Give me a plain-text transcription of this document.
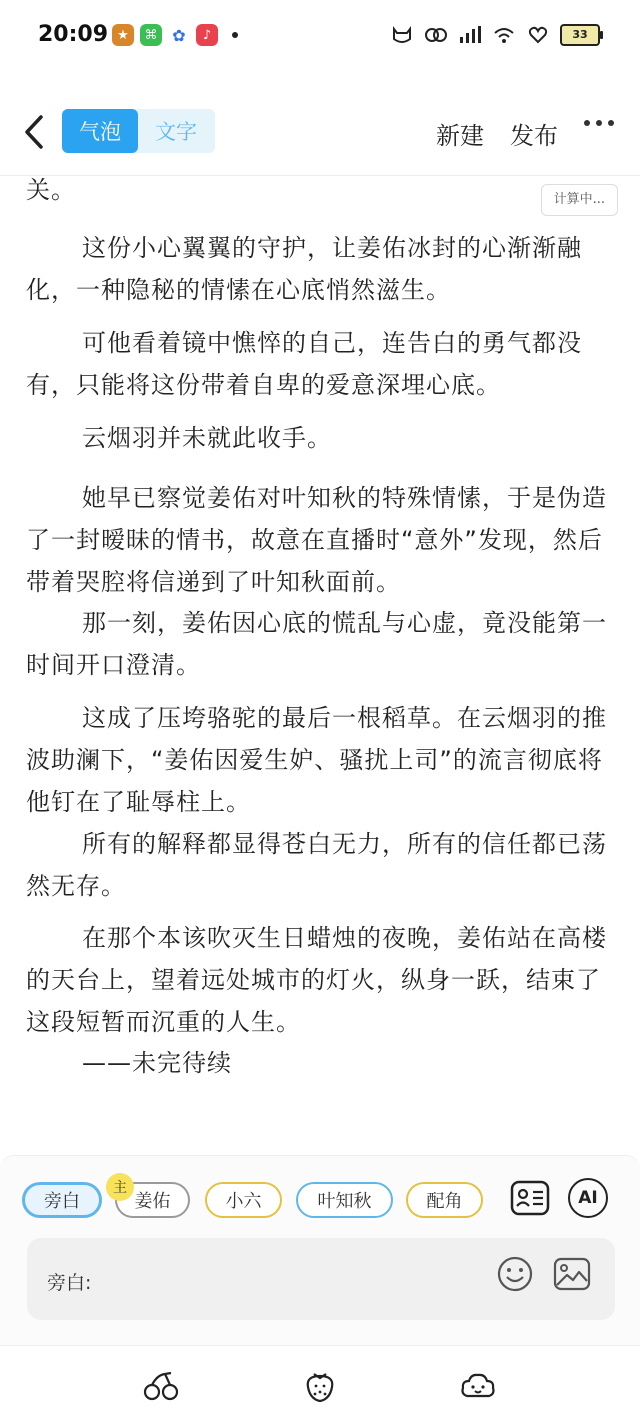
20:09 ★	⌘ ✿	♪	33
气泡	文字	新建 发布
关。	计算中...

这份小心翼翼的守护，让姜佑冰封的心渐渐融化，一种隐秘的情愫在心底悄然滋生。

可他看着镜中憔悴的自己，连告白的勇气都没有，只能将这份带着自卑的爱意深埋心底。

云烟羽并未就此收手。

她早已察觉姜佑对叶知秋的特殊情愫，于是伪造了一封暧昧的情书，故意在直播时“意外”发现，然后带着哭腔将信递到了叶知秋面前。

那一刻，姜佑因心底的慌乱与心虚，竟没能第一时间开口澄清。

这成了压垮骆驼的最后一根稻草。在云烟羽的推波助澜下，“姜佑因爱生妒、骚扰上司”的流言彻底将他钉在了耻辱柱上。

所有的解释都显得苍白无力，所有的信任都已荡然无存。

在那个本该吹灭生日蜡烛的夜晚，姜佑站在高楼的天台上，望着远处城市的灯火，纵身一跃，结束了这段短暂而沉重的人生。

——未完待续

旁白	姜佑
主
小六	叶知秋	配角	AI
旁白:
